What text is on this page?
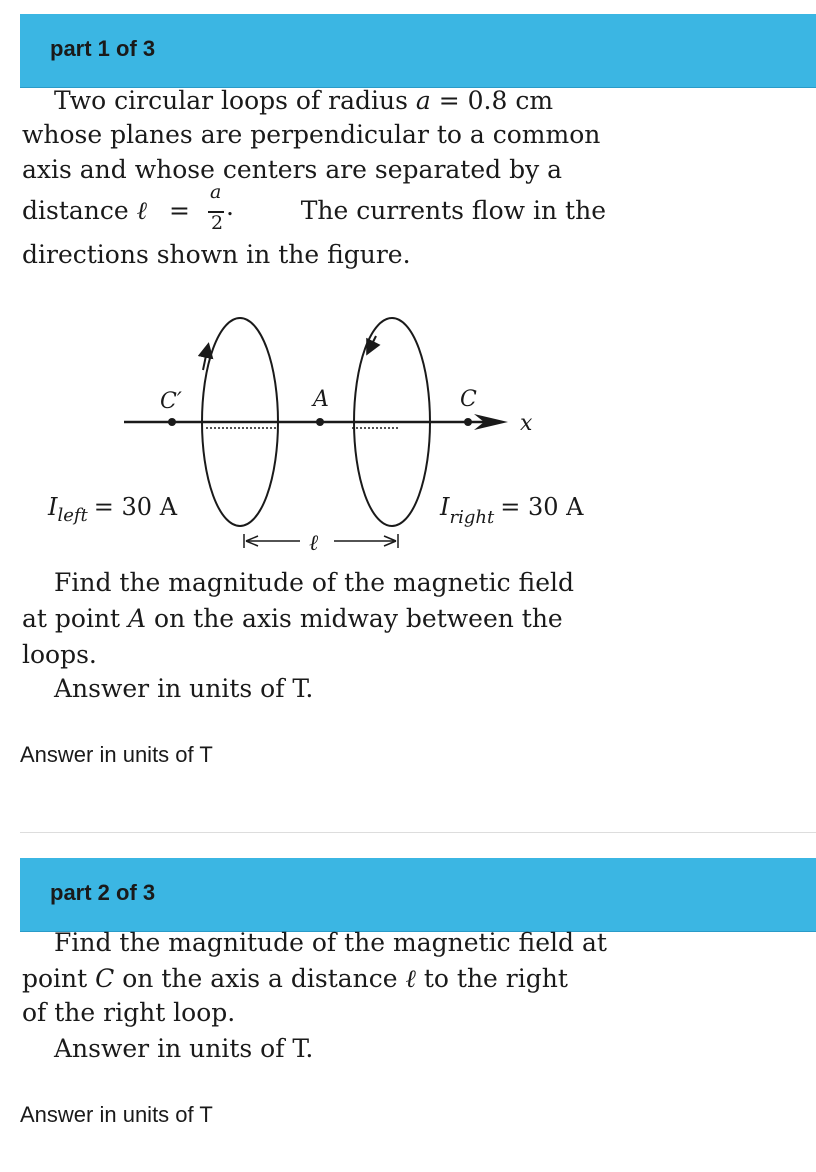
part 1 of 3
Two circular loops of radius a = 0.8 cm
whose planes are perpendicular to a common
axis and whose centers are separated by a
distance ℓ =
a
2
.	The currents flow in the
directions shown in the figure.
C′	A	C
x
$I_{left} = 30$ A	$I_{right} = 30$ A
ℓ
Find the magnitude of the magnetic field
at point A on the axis midway between the
loops.
Answer in units of T.
Answer in units of T
part 2 of 3
Find the magnitude of the magnetic field at
point C on the axis a distance ℓ to the right
of the right loop.
Answer in units of T.
Answer in units of T
